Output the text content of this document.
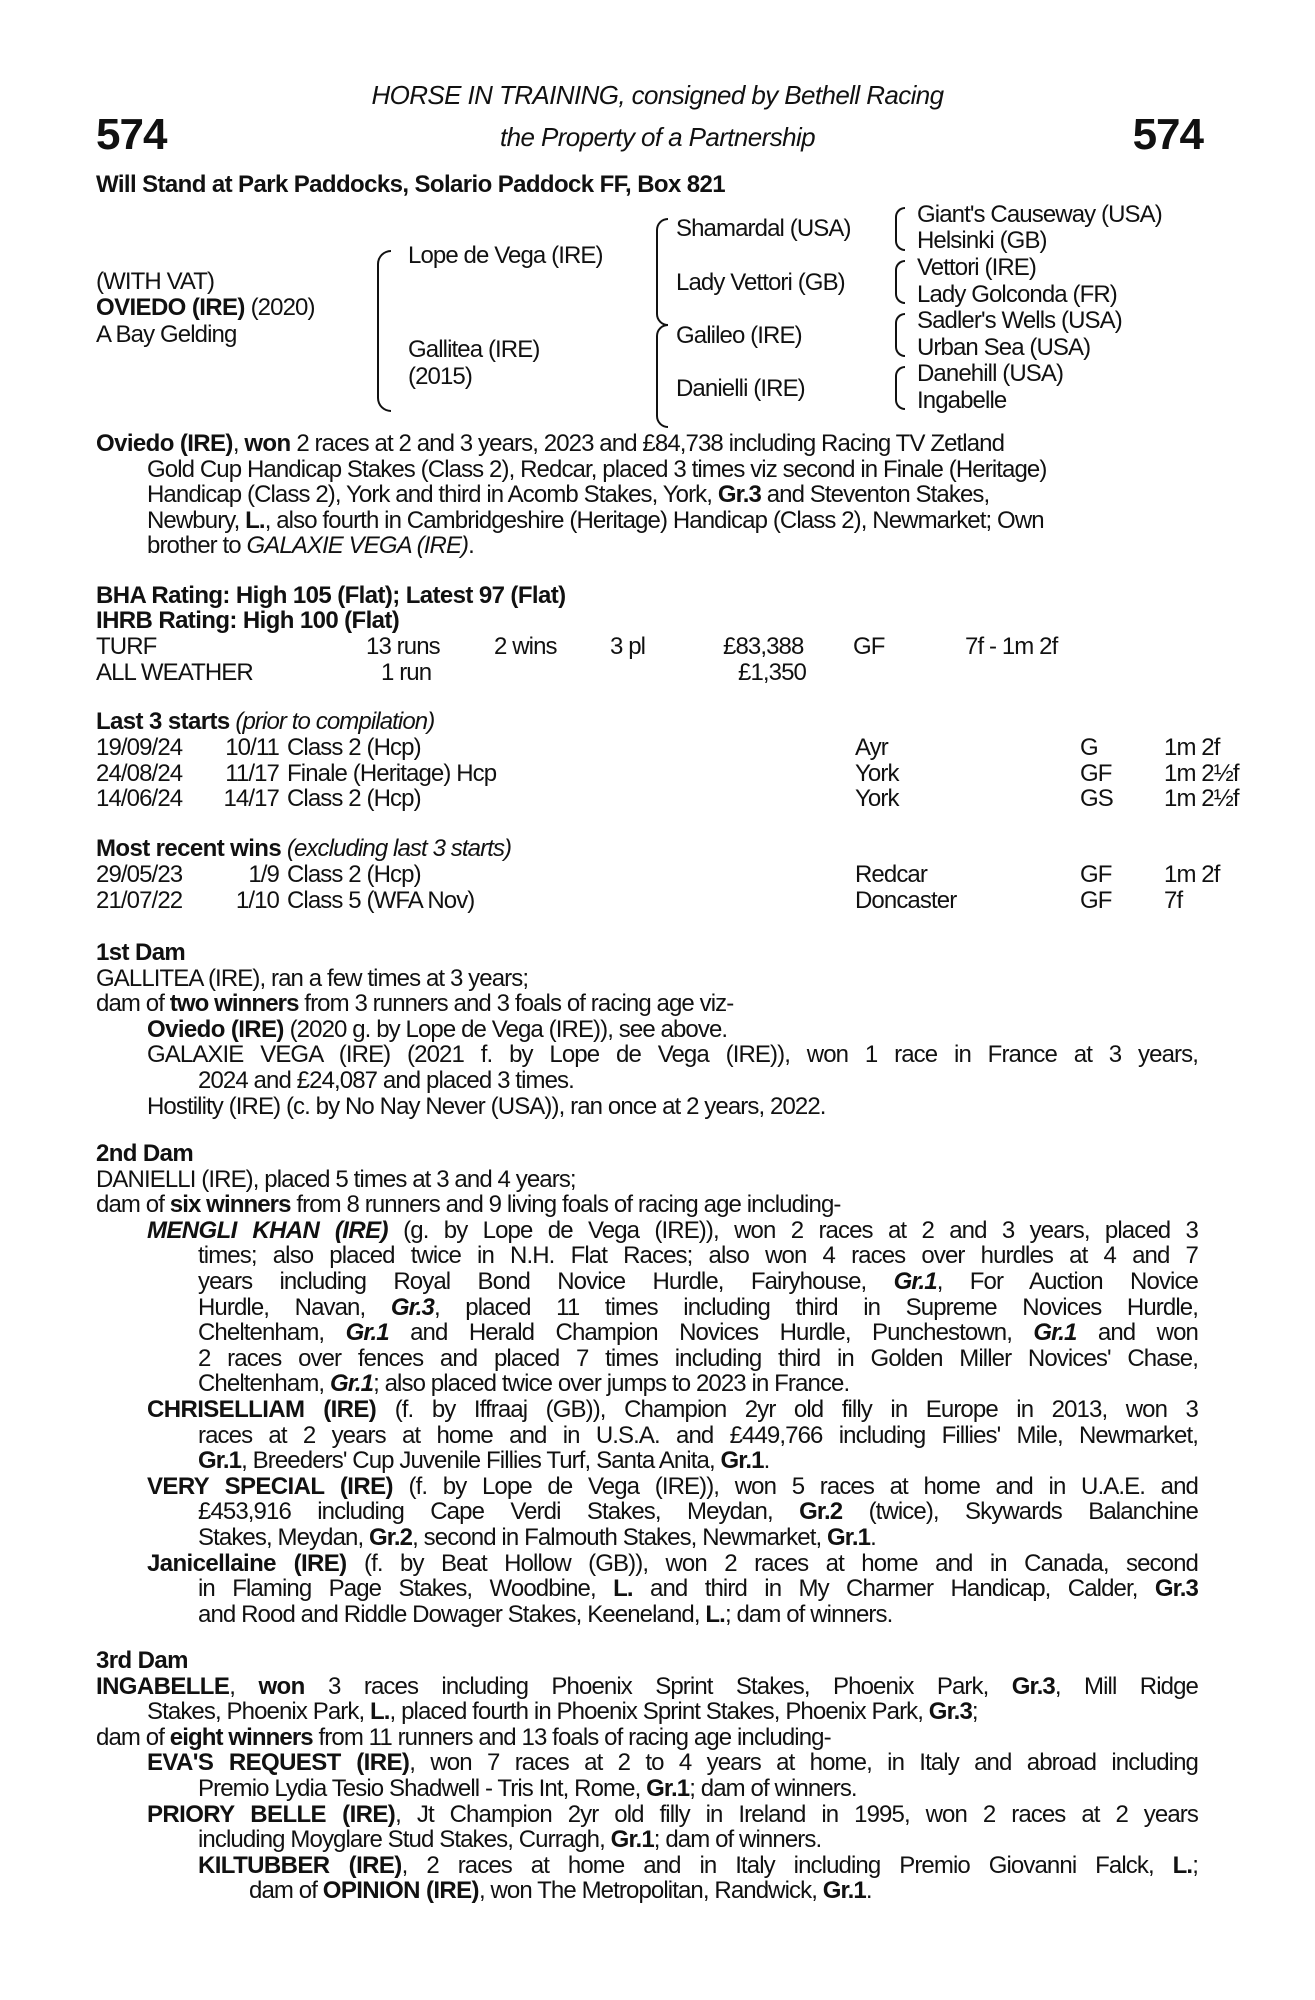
574	574
HORSE IN TRAINING, consigned by Bethell Racing
the Property of a Partnership
Will Stand at Park Paddocks, Solario Paddock FF, Box 821
(WITH VAT)
OVIEDO (IRE) (2020)
A Bay Gelding
Lope de Vega (IRE)
Gallitea (IRE)
(2015)
Shamardal (USA)
Lady Vettori (GB)
Galileo (IRE)
Danielli (IRE)
Giant's Causeway (USA)
Helsinki (GB)
Vettori (IRE)
Lady Golconda (FR)
Sadler's Wells (USA)
Urban Sea (USA)
Danehill (USA)
Ingabelle
Oviedo (IRE), won 2 races at 2 and 3 years, 2023 and £84,738 including Racing TV Zetland
Gold Cup Handicap Stakes (Class 2), Redcar, placed 3 times viz second in Finale (Heritage)
Handicap (Class 2), York and third in Acomb Stakes, York, Gr.3 and Steventon Stakes,
Newbury, L., also fourth in Cambridgeshire (Heritage) Handicap (Class 2), Newmarket; Own
brother to GALAXIE VEGA (IRE).
BHA Rating: High 105 (Flat); Latest 97 (Flat)
IHRB Rating: High 100 (Flat)
TURF	13 runs 2 wins 3 pl	£83,388 GF	7f - 1m 2f
ALL WEATHER	1 run	£1,350
Last 3 starts (prior to compilation)
19/09/24	10/11 Class 2 (Hcp)	Ayr	G	1m 2f
24/08/24	11/17 Finale (Heritage) Hcp	York	GF 1m 2½f
14/06/24	14/17 Class 2 (Hcp)	York	GS 1m 2½f
Most recent wins (excluding last 3 starts)
29/05/23	1/9 Class 2 (Hcp)	Redcar	GF 1m 2f
21/07/22	1/10 Class 5 (WFA Nov)	Doncaster	GF 7f
1st Dam
GALLITEA (IRE), ran a few times at 3 years;
dam of two winners from 3 runners and 3 foals of racing age viz-
Oviedo (IRE) (2020 g. by Lope de Vega (IRE)), see above.
GALAXIE VEGA (IRE) (2021 f. by Lope de Vega (IRE)), won 1 race in France at 3 years,
2024 and £24,087 and placed 3 times.
Hostility (IRE) (c. by No Nay Never (USA)), ran once at 2 years, 2022.
2nd Dam
DANIELLI (IRE), placed 5 times at 3 and 4 years;
dam of six winners from 8 runners and 9 living foals of racing age including-
MENGLI KHAN (IRE) (g. by Lope de Vega (IRE)), won 2 races at 2 and 3 years, placed 3
times; also placed twice in N.H. Flat Races; also won 4 races over hurdles at 4 and 7
years including Royal Bond Novice Hurdle, Fairyhouse, Gr.1, For Auction Novice
Hurdle, Navan, Gr.3, placed 11 times including third in Supreme Novices Hurdle,
Cheltenham, Gr.1 and Herald Champion Novices Hurdle, Punchestown, Gr.1 and won
2 races over fences and placed 7 times including third in Golden Miller Novices' Chase,
Cheltenham, Gr.1; also placed twice over jumps to 2023 in France.
CHRISELLIAM (IRE) (f. by Iffraaj (GB)), Champion 2yr old filly in Europe in 2013, won 3
races at 2 years at home and in U.S.A. and £449,766 including Fillies' Mile, Newmarket,
Gr.1, Breeders' Cup Juvenile Fillies Turf, Santa Anita, Gr.1.
VERY SPECIAL (IRE) (f. by Lope de Vega (IRE)), won 5 races at home and in U.A.E. and
£453,916 including Cape Verdi Stakes, Meydan, Gr.2 (twice), Skywards Balanchine
Stakes, Meydan, Gr.2, second in Falmouth Stakes, Newmarket, Gr.1.
Janicellaine (IRE) (f. by Beat Hollow (GB)), won 2 races at home and in Canada, second
in Flaming Page Stakes, Woodbine, L. and third in My Charmer Handicap, Calder, Gr.3
and Rood and Riddle Dowager Stakes, Keeneland, L.; dam of winners.
3rd Dam
INGABELLE, won 3 races including Phoenix Sprint Stakes, Phoenix Park, Gr.3, Mill Ridge
Stakes, Phoenix Park, L., placed fourth in Phoenix Sprint Stakes, Phoenix Park, Gr.3;
dam of eight winners from 11 runners and 13 foals of racing age including-
EVA'S REQUEST (IRE), won 7 races at 2 to 4 years at home, in Italy and abroad including
Premio Lydia Tesio Shadwell - Tris Int, Rome, Gr.1; dam of winners.
PRIORY BELLE (IRE), Jt Champion 2yr old filly in Ireland in 1995, won 2 races at 2 years
including Moyglare Stud Stakes, Curragh, Gr.1; dam of winners.
KILTUBBER (IRE), 2 races at home and in Italy including Premio Giovanni Falck, L.;
dam of OPINION (IRE), won The Metropolitan, Randwick, Gr.1.
